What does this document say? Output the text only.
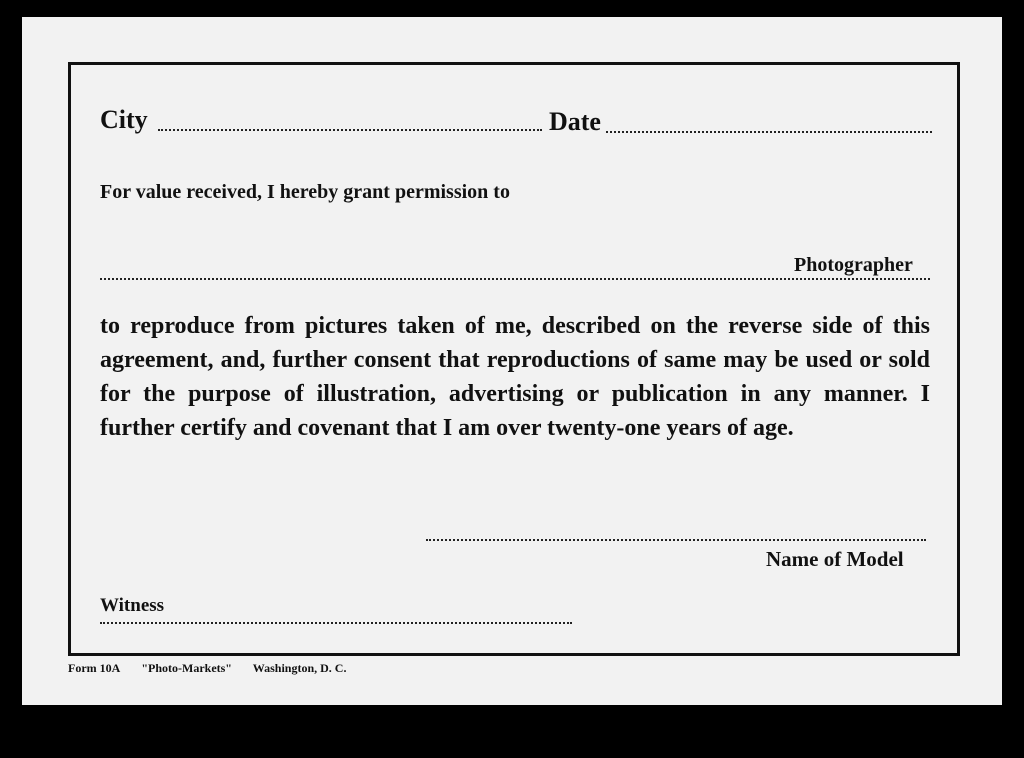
City	Date
For value received, I hereby grant permission to
Photographer
to reproduce from pictures taken of me, described on the reverse side of this agreement, and, further consent that reproductions of same may be used or sold for the purpose of illustration, advertising or publication in any manner. I further certify and covenant that I am over twenty-one years of age.
Name of Model
Witness
Form 10A "Photo-Markets" Washington, D. C.
